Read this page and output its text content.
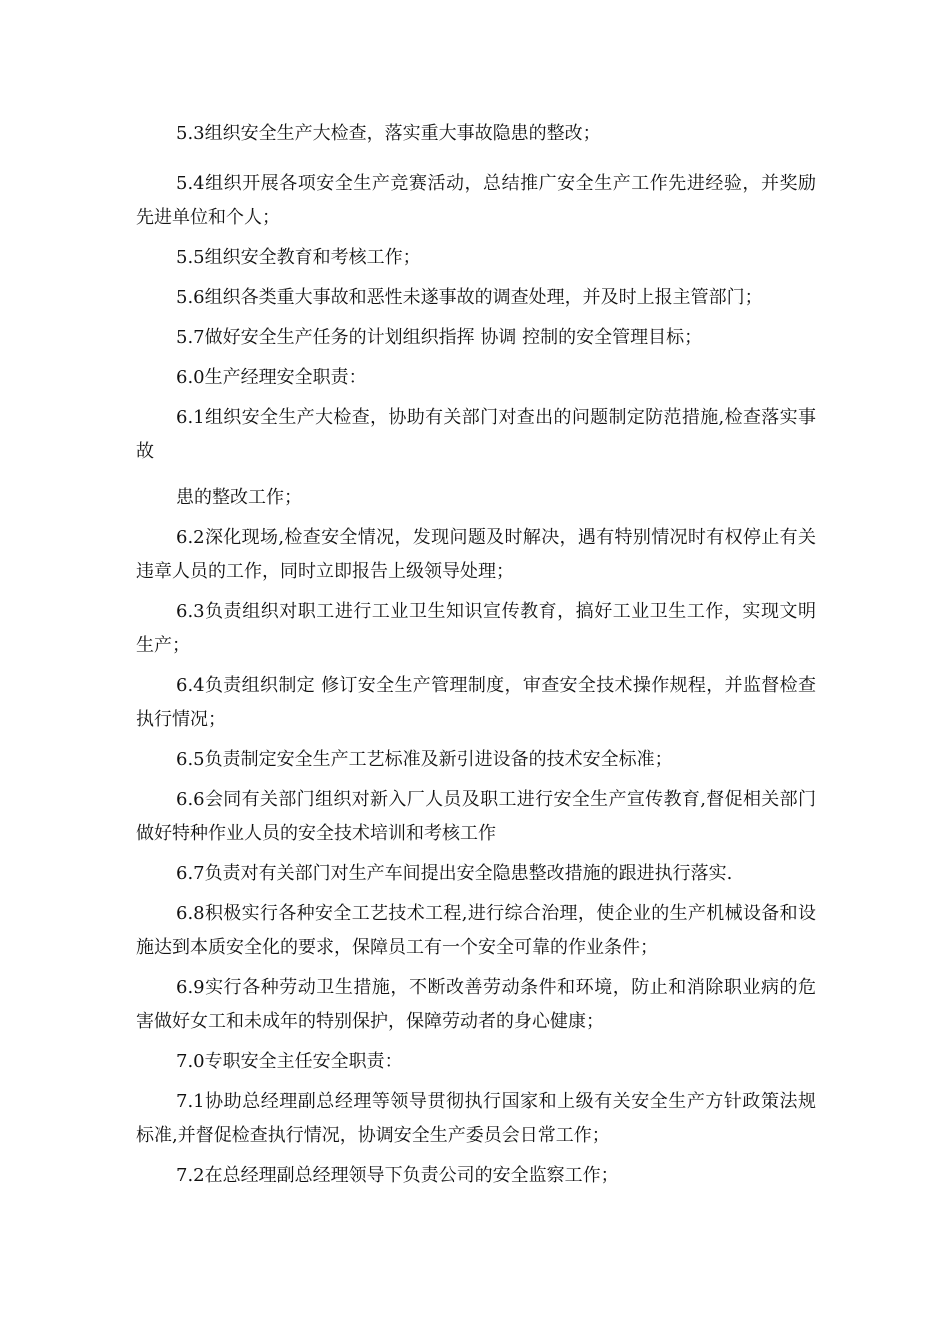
5.3组织安全生产大检查，落实重大事故隐患的整改；

5.4组织开展各项安全生产竞赛活动，总结推广安全生产工作先进经验，并奖励先进单位和个人；

5.5组织安全教育和考核工作；

5.6组织各类重大事故和恶性未遂事故的调查处理，并及时上报主管部门；

5.7做好安全生产任务的计划组织指挥 协调 控制的安全管理目标；

6.0生产经理安全职责：

6.1组织安全生产大检查，协助有关部门对查出的问题制定防范措施,检查落实事故

患的整改工作；

6.2深化现场,检查安全情况，发现问题及时解决，遇有特别情况时有权停止有关违章人员的工作，同时立即报告上级领导处理；

6.3负责组织对职工进行工业卫生知识宣传教育，搞好工业卫生工作，实现文明生产；

6.4负责组织制定 修订安全生产管理制度，审查安全技术操作规程，并监督检查执行情况；

6.5负责制定安全生产工艺标准及新引进设备的技术安全标准；

6.6会同有关部门组织对新入厂人员及职工进行安全生产宣传教育,督促相关部门做好特种作业人员的安全技术培训和考核工作

6.7负责对有关部门对生产车间提出安全隐患整改措施的跟进执行落实.

6.8积极实行各种安全工艺技术工程,进行综合治理，使企业的生产机械设备和设施达到本质安全化的要求，保障员工有一个安全可靠的作业条件；

6.9实行各种劳动卫生措施，不断改善劳动条件和环境，防止和消除职业病的危害做好女工和未成年的特别保护，保障劳动者的身心健康；

7.0专职安全主任安全职责：

7.1协助总经理副总经理等领导贯彻执行国家和上级有关安全生产方针政策法规标准,并督促检查执行情况，协调安全生产委员会日常工作；

7.2在总经理副总经理领导下负责公司的安全监察工作；
